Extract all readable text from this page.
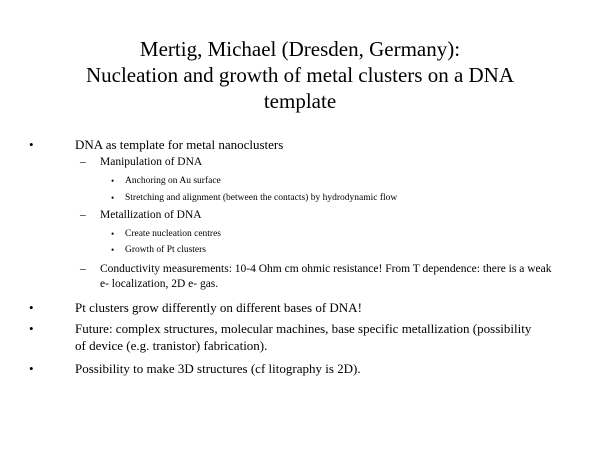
Mertig, Michael (Dresden, Germany):
Nucleation and growth of metal clusters on a DNA
template
•	DNA as template for metal nanoclusters
– Manipulation of DNA
• Anchoring on Au surface
• Stretching and alignment (between the contacts) by hydrodynamic flow
– Metallization of DNA
• Create nucleation centres
• Growth of Pt clusters
– Conductivity measurements: 10-4 Ohm cm ohmic resistance! From T dependence: there is a weak e- localization, 2D e- gas.
•	Pt clusters grow differently on different bases of DNA!
•	Future: complex structures, molecular machines, base specific metallization (possibility of device (e.g. tranistor) fabrication).
•	Possibility to make 3D structures (cf litography is 2D).
